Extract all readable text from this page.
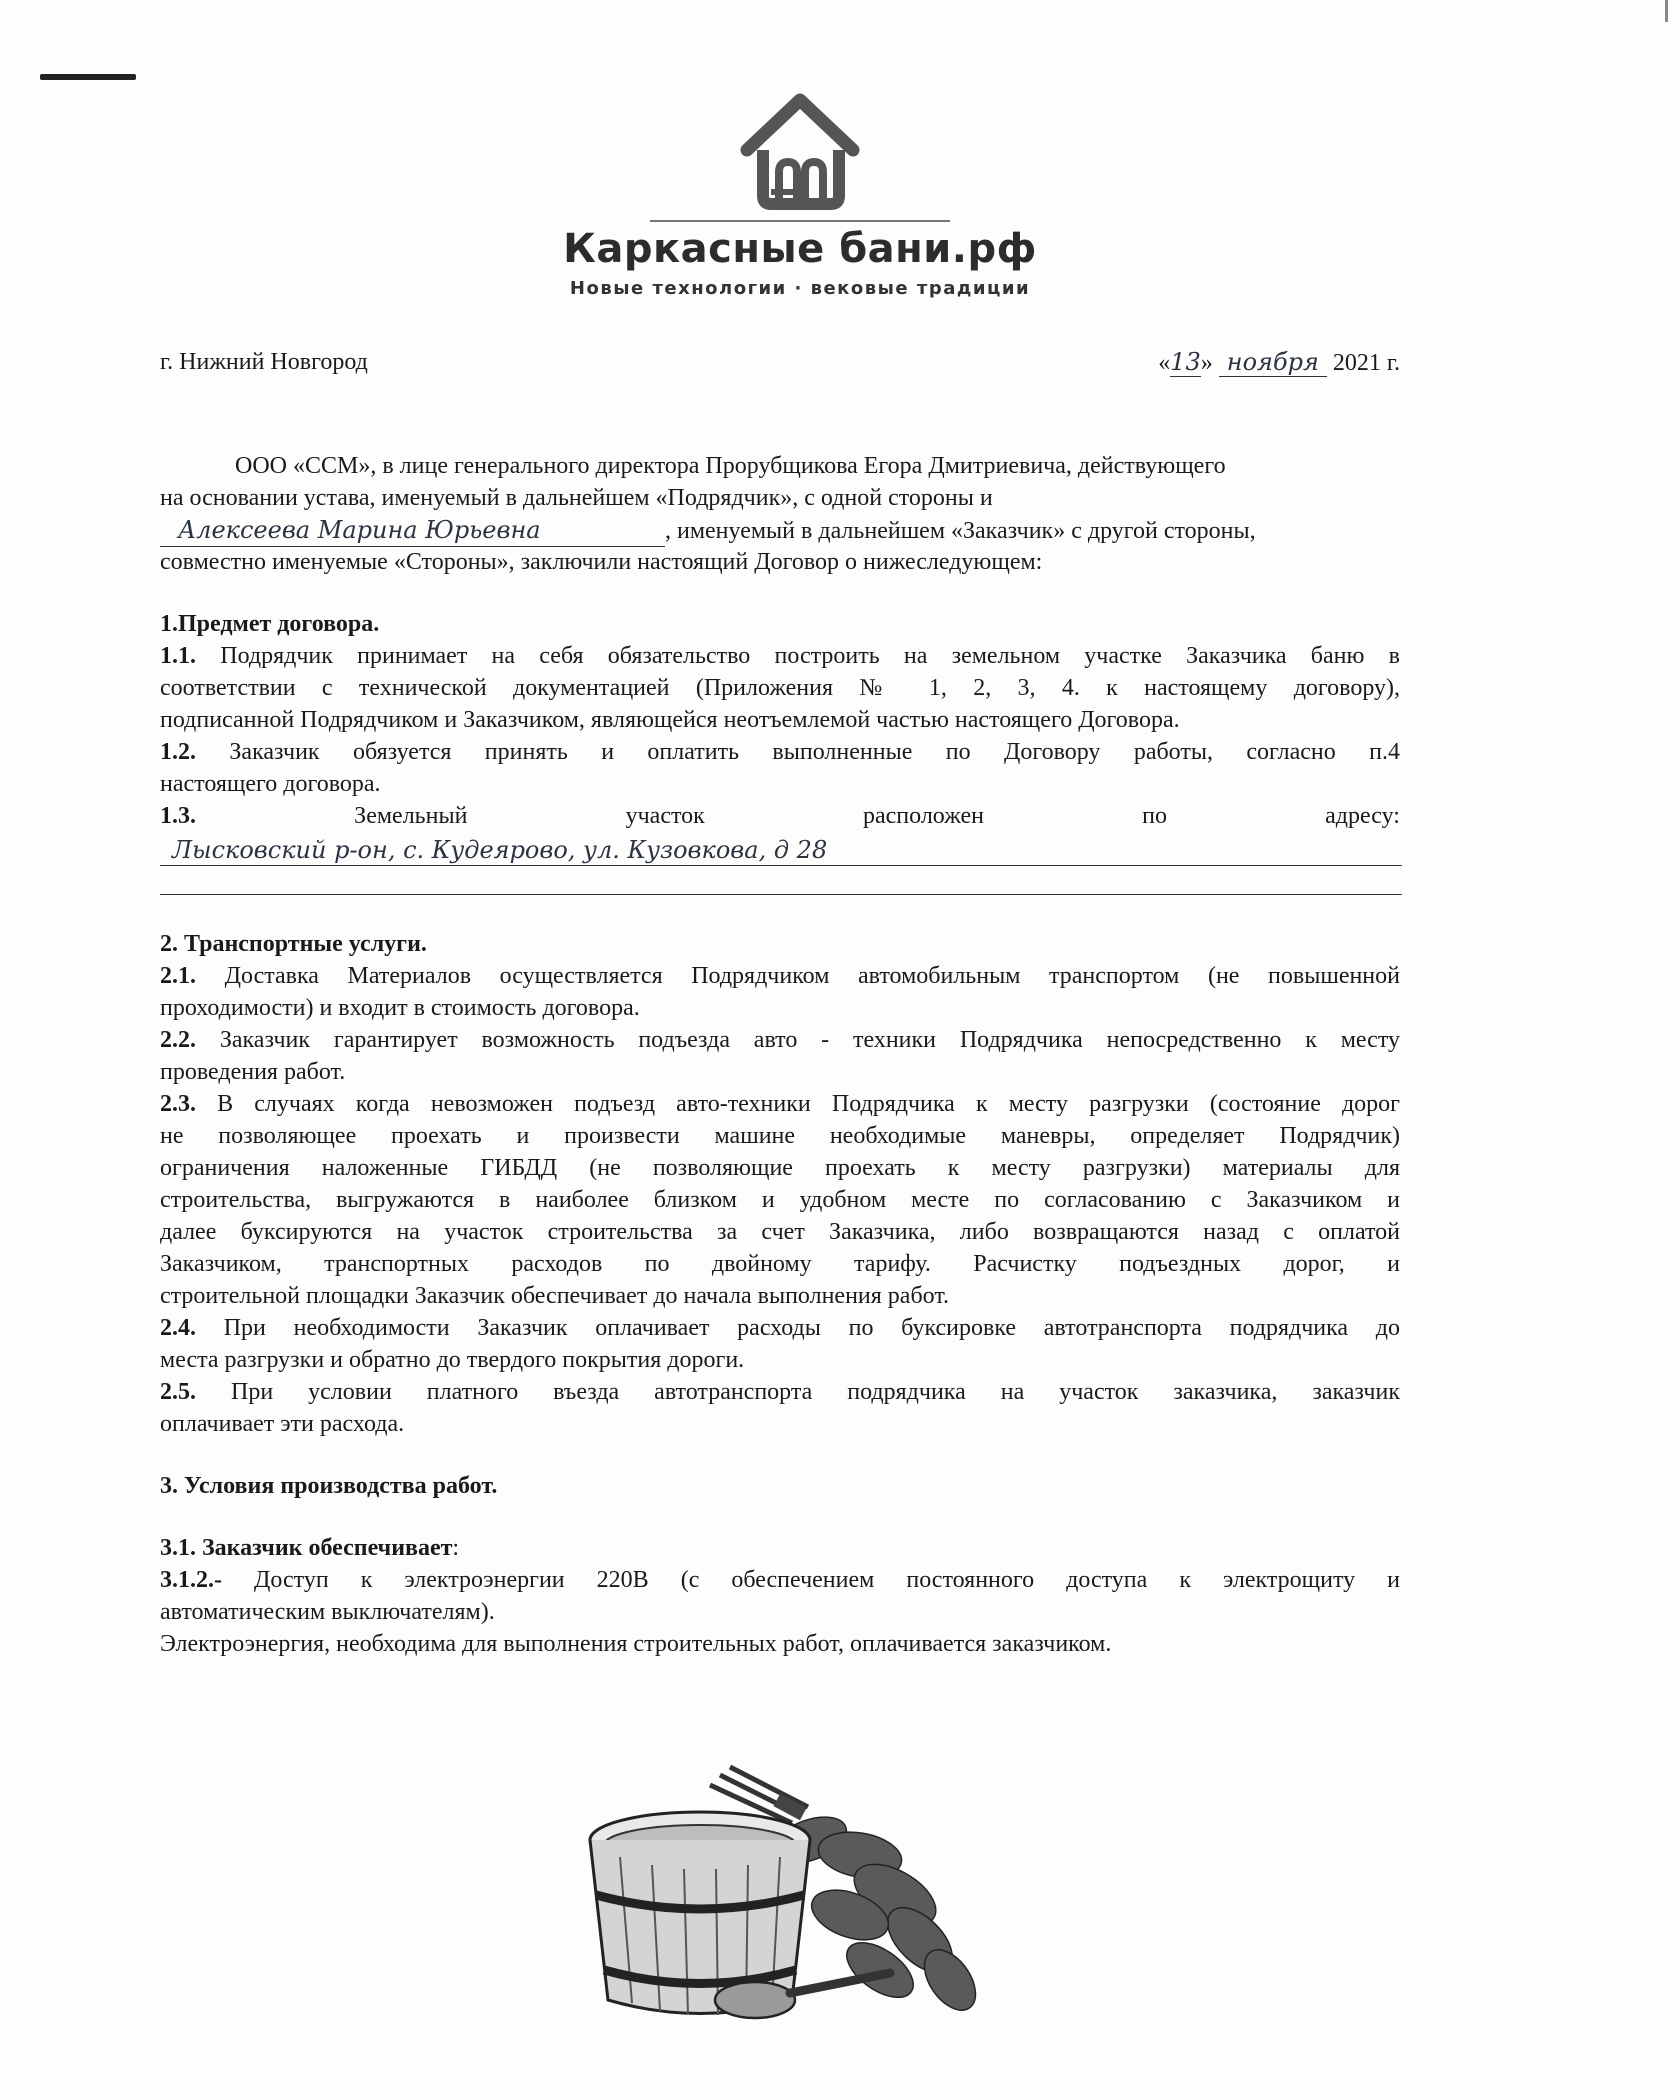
Каркасные бани.рф
Новые технологии · вековые традиции
г. Нижний Новгород	«13» ноября 2021 г.
ООО «ССМ», в лице генерального директора Прорубщикова Егора Дмитриевича, действующего
на основании устава, именуемый в дальнейшем «Подрядчик», с одной стороны и
Алексеева Марина Юрьевна	, именуемый в дальнейшем «Заказчик» с другой стороны,
совместно именуемые «Стороны», заключили настоящий Договор о нижеследующем:
1.Предмет договора.
1.1. Подрядчик принимает на себя обязательство построить на земельном участке Заказчика баню в
соответствии с технической документацией (Приложения № 1, 2, 3, 4. к настоящему договору),
подписанной Подрядчиком и Заказчиком, являющейся неотъемлемой частью настоящего Договора.
1.2. Заказчик обязуется принять и оплатить выполненные по Договору работы, согласно п.4
настоящего договора.
1.3.	Земельный	участок	расположен	по	адресу:
Лысковский р-он, с. Кудеярово, ул. Кузовкова, д 28
2. Транспортные услуги.
2.1. Доставка Материалов осуществляется Подрядчиком автомобильным транспортом (не повышенной
проходимости) и входит в стоимость договора.
2.2. Заказчик гарантирует возможность подъезда авто - техники Подрядчика непосредственно к месту
проведения работ.
2.3. В случаях когда невозможен подъезд авто-техники Подрядчика к месту разгрузки (состояние дорог
не позволяющее проехать и произвести машине необходимые маневры, определяет Подрядчик)
ограничения наложенные ГИБДД (не позволяющие проехать к месту разгрузки) материалы для
строительства, выгружаются в наиболее близком и удобном месте по согласованию с Заказчиком и
далее буксируются на участок строительства за счет Заказчика, либо возвращаются назад с оплатой
Заказчиком, транспортных расходов по двойному тарифу. Расчистку подъездных дорог, и
строительной площадки Заказчик обеспечивает до начала выполнения работ.
2.4. При необходимости Заказчик оплачивает расходы по буксировке автотранспорта подрядчика до
места разгрузки и обратно до твердого покрытия дороги.
2.5. При условии платного въезда автотранспорта подрядчика на участок заказчика, заказчик
оплачивает эти расхода.
3. Условия производства работ.
3.1. Заказчик обеспечивает:
3.1.2.- Доступ к электроэнергии 220В (с обеспечением постоянного доступа к электрощиту и
автоматическим выключателям).
Электроэнергия, необходима для выполнения строительных работ, оплачивается заказчиком.
